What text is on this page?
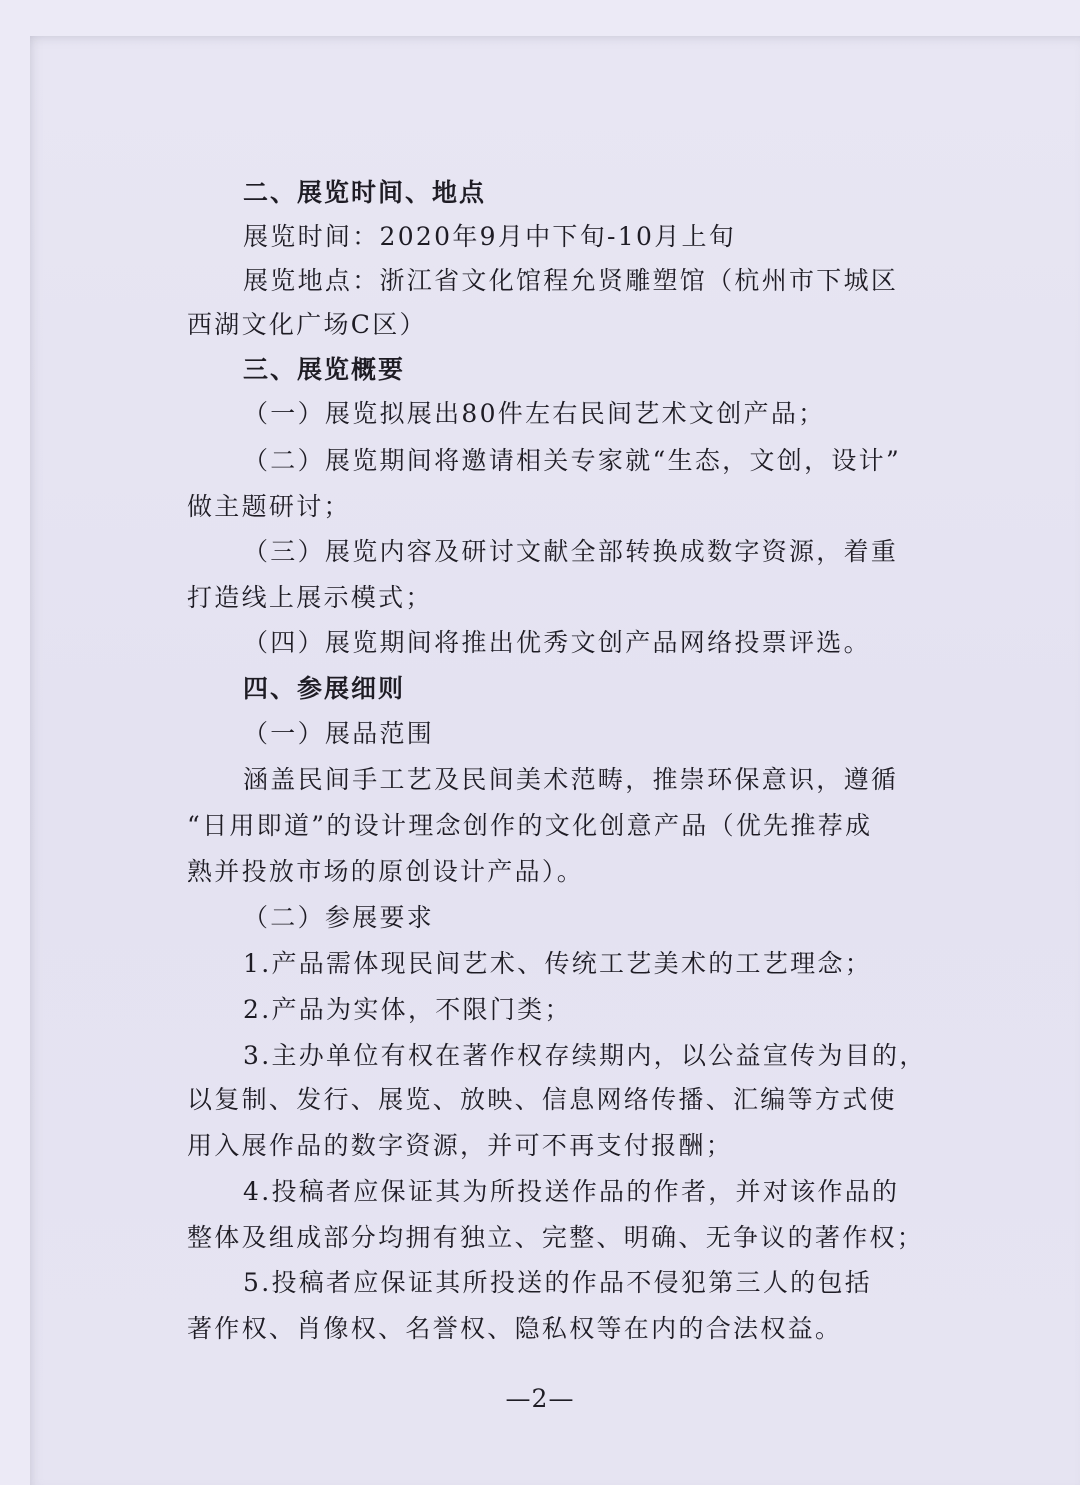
二、展览时间、地点
展览时间：2020年9月中下旬-10月上旬
展览地点：浙江省文化馆程允贤雕塑馆（杭州市下城区
西湖文化广场C区）
三、展览概要
（一）展览拟展出80件左右民间艺术文创产品；
（二）展览期间将邀请相关专家就“生态，文创，设计”
做主题研讨；
（三）展览内容及研讨文献全部转换成数字资源，着重
打造线上展示模式；
（四）展览期间将推出优秀文创产品网络投票评选。
四、参展细则
（一）展品范围
涵盖民间手工艺及民间美术范畴，推崇环保意识，遵循
“日用即道”的设计理念创作的文化创意产品（优先推荐成
熟并投放市场的原创设计产品）。
（二）参展要求
1.产品需体现民间艺术、传统工艺美术的工艺理念；
2.产品为实体，不限门类；
3.主办单位有权在著作权存续期内，以公益宣传为目的，
以复制、发行、展览、放映、信息网络传播、汇编等方式使
用入展作品的数字资源，并可不再支付报酬；
4.投稿者应保证其为所投送作品的作者，并对该作品的
整体及组成部分均拥有独立、完整、明确、无争议的著作权；
5.投稿者应保证其所投送的作品不侵犯第三人的包括
著作权、肖像权、名誉权、隐私权等在内的合法权益。
—2—
